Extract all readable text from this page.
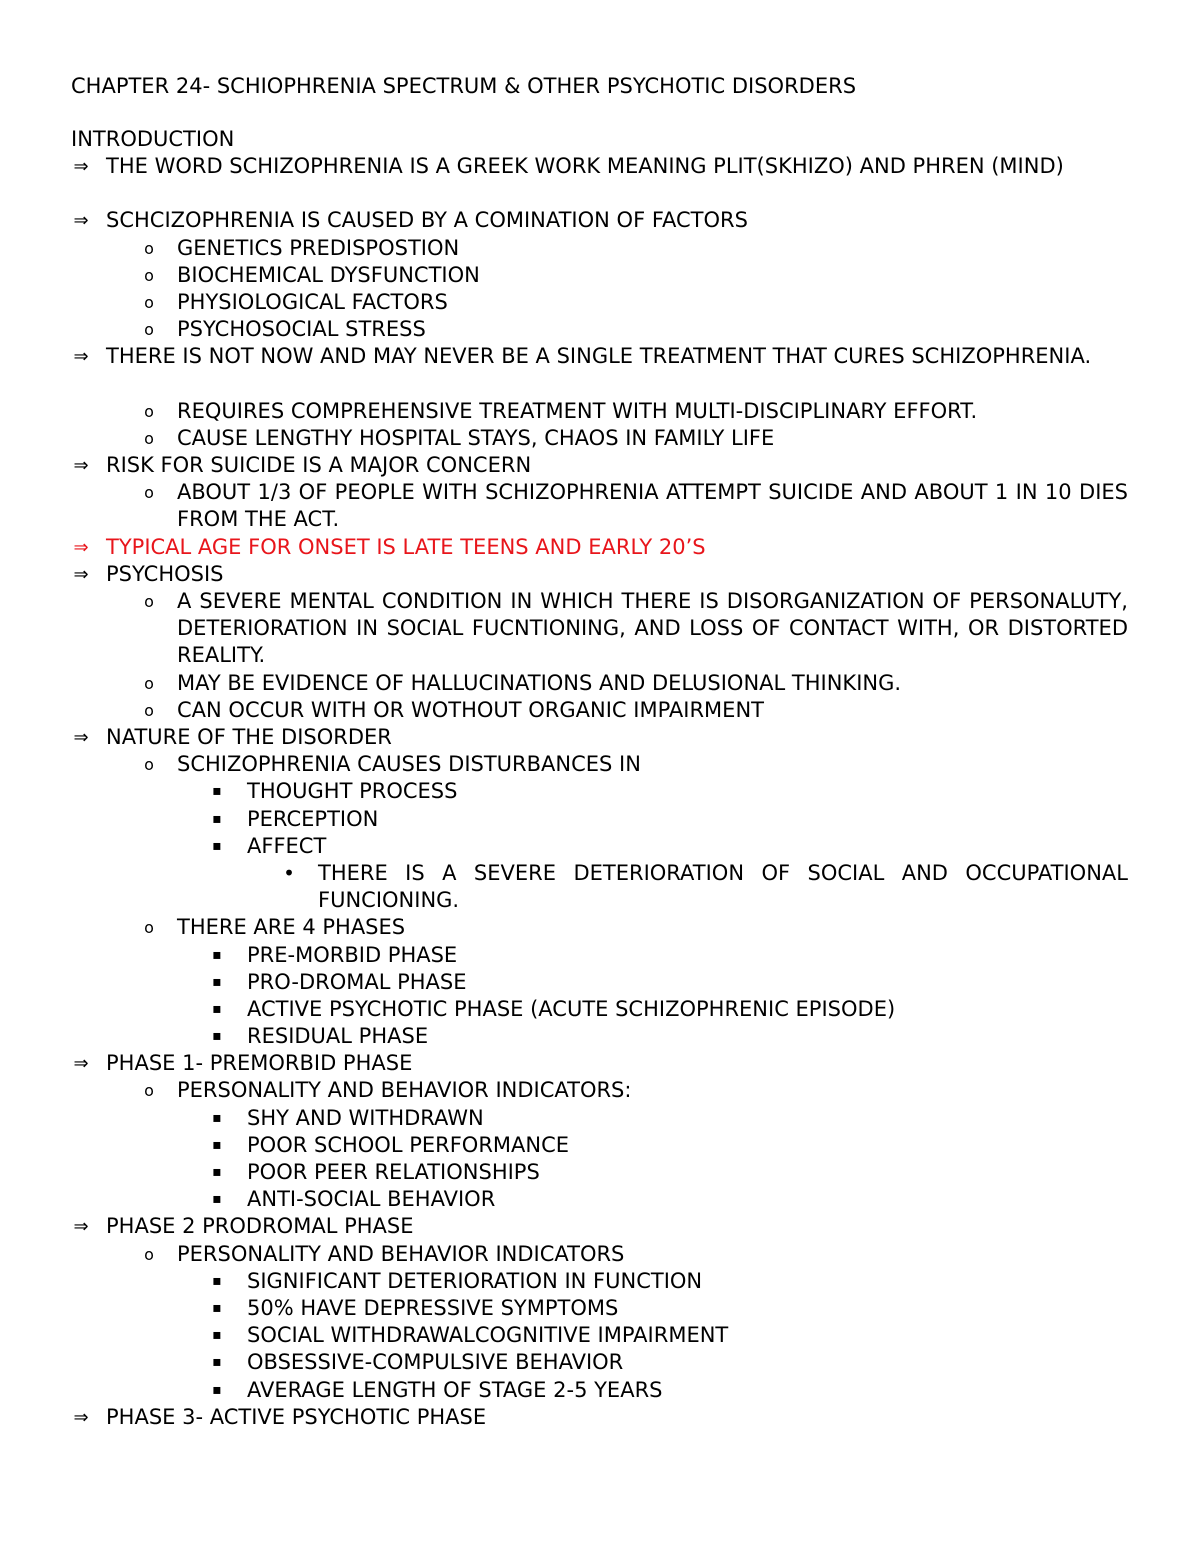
CHAPTER 24- SCHIOPHRENIA SPECTRUM & OTHER PSYCHOTIC DISORDERS
INTRODUCTION
⇒ THE WORD SCHIZOPHRENIA IS A GREEK WORK MEANING PLIT(SKHIZO) AND PHREN (MIND)
⇒ SCHCIZOPHRENIA IS CAUSED BY A COMINATION OF FACTORS
o	GENETICS PREDISPOSTION
o	BIOCHEMICAL DYSFUNCTION
o	PHYSIOLOGICAL FACTORS
o	PSYCHOSOCIAL STRESS
⇒ THERE IS NOT NOW AND MAY NEVER BE A SINGLE TREATMENT THAT CURES SCHIZOPHRENIA.
o	REQUIRES COMPREHENSIVE TREATMENT WITH MULTI-DISCIPLINARY EFFORT.
o	CAUSE LENGTHY HOSPITAL STAYS, CHAOS IN FAMILY LIFE
⇒ RISK FOR SUICIDE IS A MAJOR CONCERN
o	ABOUT 1/3 OF PEOPLE WITH SCHIZOPHRENIA ATTEMPT SUICIDE AND ABOUT 1 IN 10 DIES FROM THE ACT.
⇒ TYPICAL AGE FOR ONSET IS LATE TEENS AND EARLY 20’S
⇒ PSYCHOSIS
o	A SEVERE MENTAL CONDITION IN WHICH THERE IS DISORGANIZATION OF PERSONALUTY, DETERIORATION IN SOCIAL FUCNTIONING, AND LOSS OF CONTACT WITH, OR DISTORTED REALITY.
o	MAY BE EVIDENCE OF HALLUCINATIONS AND DELUSIONAL THINKING.
o	CAN OCCUR WITH OR WOTHOUT ORGANIC IMPAIRMENT
⇒ NATURE OF THE DISORDER
o	SCHIZOPHRENIA CAUSES DISTURBANCES IN
▪	THOUGHT PROCESS
▪	PERCEPTION
▪	AFFECT
• THERE IS A SEVERE DETERIORATION OF SOCIAL AND OCCUPATIONAL FUNCIONING.
o	THERE ARE 4 PHASES
▪	PRE-MORBID PHASE
▪	PRO-DROMAL PHASE
▪	ACTIVE PSYCHOTIC PHASE (ACUTE SCHIZOPHRENIC EPISODE)
▪	RESIDUAL PHASE
⇒ PHASE 1- PREMORBID PHASE
o	PERSONALITY AND BEHAVIOR INDICATORS:
▪	SHY AND WITHDRAWN
▪	POOR SCHOOL PERFORMANCE
▪	POOR PEER RELATIONSHIPS
▪	ANTI-SOCIAL BEHAVIOR
⇒ PHASE 2 PRODROMAL PHASE
o	PERSONALITY AND BEHAVIOR INDICATORS
▪	SIGNIFICANT DETERIORATION IN FUNCTION
▪	50% HAVE DEPRESSIVE SYMPTOMS
▪	SOCIAL WITHDRAWALCOGNITIVE IMPAIRMENT
▪	OBSESSIVE-COMPULSIVE BEHAVIOR
▪	AVERAGE LENGTH OF STAGE 2-5 YEARS
⇒ PHASE 3- ACTIVE PSYCHOTIC PHASE
